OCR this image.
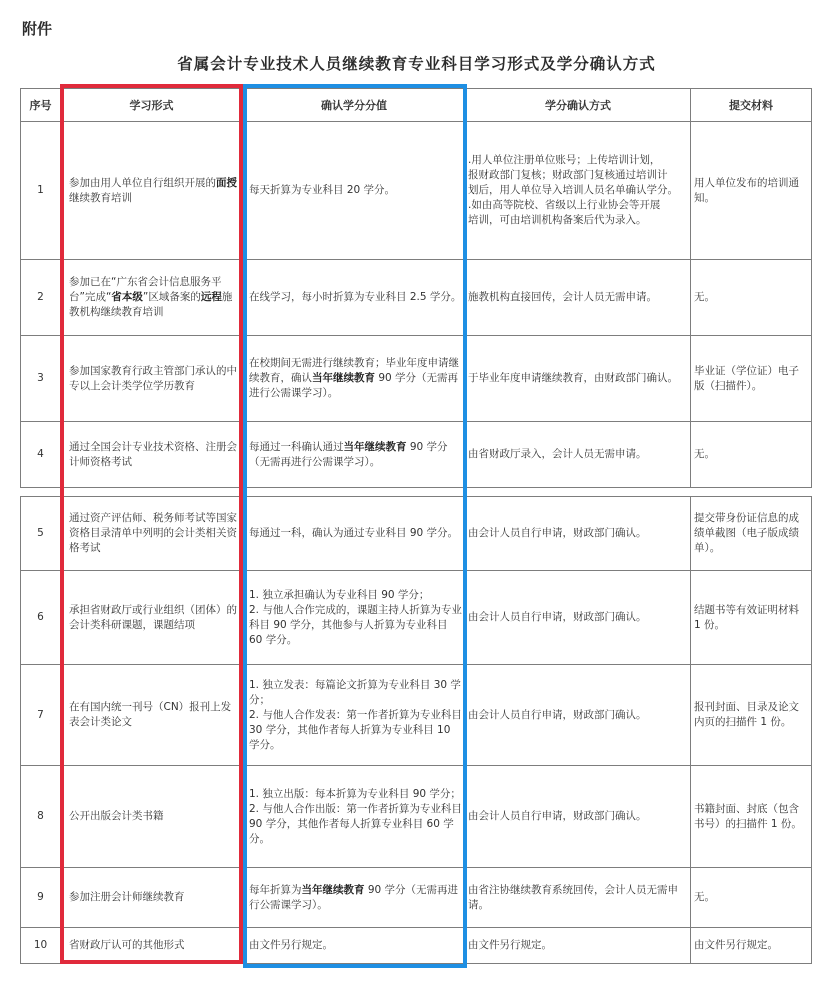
附件
省属会计专业技术人员继续教育专业科目学习形式及学分确认方式
序号	学习形式	确认学分分值	学分确认方式	提交材料
1	参加由用人单位自行组织开展的面授继续教育培训	每天折算为专业科目 20 学分。	.用人单位注册单位账号；上传培训计划，
报财政部门复核；财政部门复核通过培训计
划后，用人单位导入培训人员名单确认学分。
.如由高等院校、省级以上行业协会等开展
培训，可由培训机构备案后代为录入。	用人单位发布的培训通知。

2	参加已在“广东省会计信息服务平台”完成“省本级”区域备案的远程施教机构继续教育培训	在线学习，每小时折算为专业科目 2.5 学分。	施教机构直接回传，会计人员无需申请。	无。

3	参加国家教育行政主管部门承认的中专以上会计类学位学历教育	在校期间无需进行继续教育；毕业年度申请继续教育，确认当年继续教育 90 学分（无需再进行公需课学习）。	于毕业年度申请继续教育，由财政部门确认。	毕业证（学位证）电子版（扫描件）。

4	通过全国会计专业技术资格、注册会计师资格考试	每通过一科确认通过当年继续教育 90 学分（无需再进行公需课学习）。	由省财政厅录入，会计人员无需申请。	无。

5	通过资产评估师、税务师考试等国家资格目录清单中列明的会计类相关资格考试	每通过一科，确认为通过专业科目 90 学分。	由会计人员自行申请，财政部门确认。	提交带身份证信息的成绩单截图（电子版成绩单）。

6	承担省财政厅或行业组织（团体）的会计类科研课题，课题结项	1. 独立承担确认为专业科目 90 学分；
2. 与他人合作完成的，课题主持人折算为专业科目 90 学分，其他参与人折算为专业科目 60 学分。	由会计人员自行申请，财政部门确认。	结题书等有效证明材料 1 份。

7	在有国内统一刊号（CN）报刊上发表会计类论文	1. 独立发表：每篇论文折算为专业科目 30 学分；
2. 与他人合作发表：第一作者折算为专业科目 30 学分，其他作者每人折算为专业科目 10 学分。	由会计人员自行申请，财政部门确认。	报刊封面、目录及论文内页的扫描件 1 份。

8	公开出版会计类书籍	1. 独立出版：每本折算为专业科目 90 学分；
2. 与他人合作出版：第一作者折算为专业科目 90 学分，其他作者每人折算专业科目 60 学分。	由会计人员自行申请，财政部门确认。	书籍封面、封底（包含书号）的扫描件 1 份。

9	参加注册会计师继续教育	每年折算为当年继续教育 90 学分（无需再进行公需课学习）。	由省注协继续教育系统回传，会计人员无需申请。	无。

10	省财政厅认可的其他形式	由文件另行规定。	由文件另行规定。	由文件另行规定。
